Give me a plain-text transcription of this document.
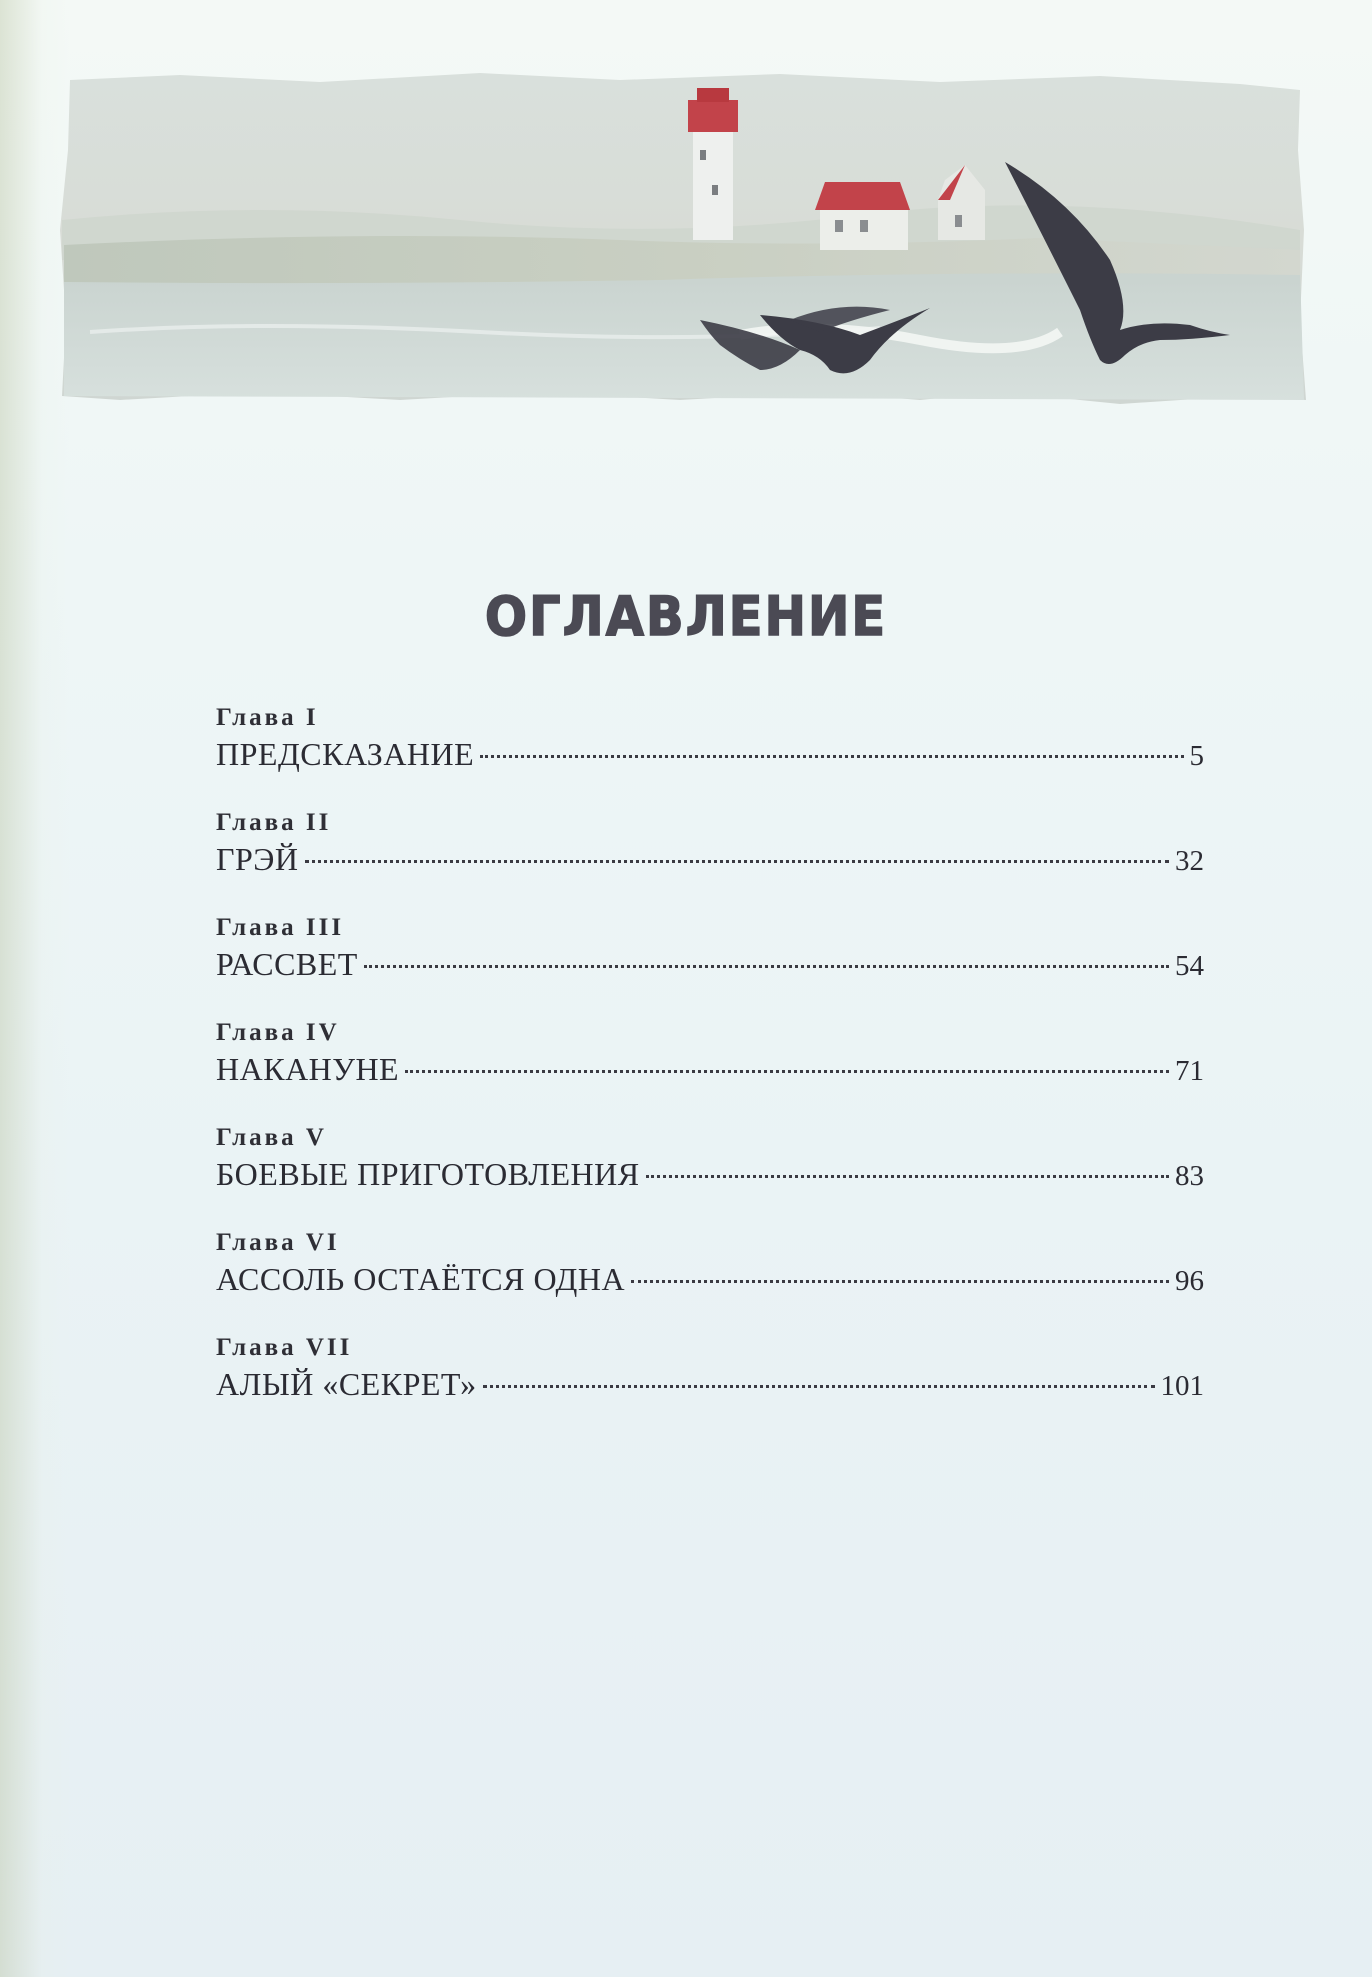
ОГЛАВЛЕНИЕ
Глава I
ПРЕДСКАЗАНИЕ	5
Глава II
ГРЭЙ	32
Глава III
РАССВЕТ	54
Глава IV
НАКАНУНЕ	71
Глава V
БОЕВЫЕ ПРИГОТОВЛЕНИЯ	83
Глава VI
АССОЛЬ ОСТАЁТСЯ ОДНА	96
Глава VII
АЛЫЙ «СЕКРЕТ»	101
